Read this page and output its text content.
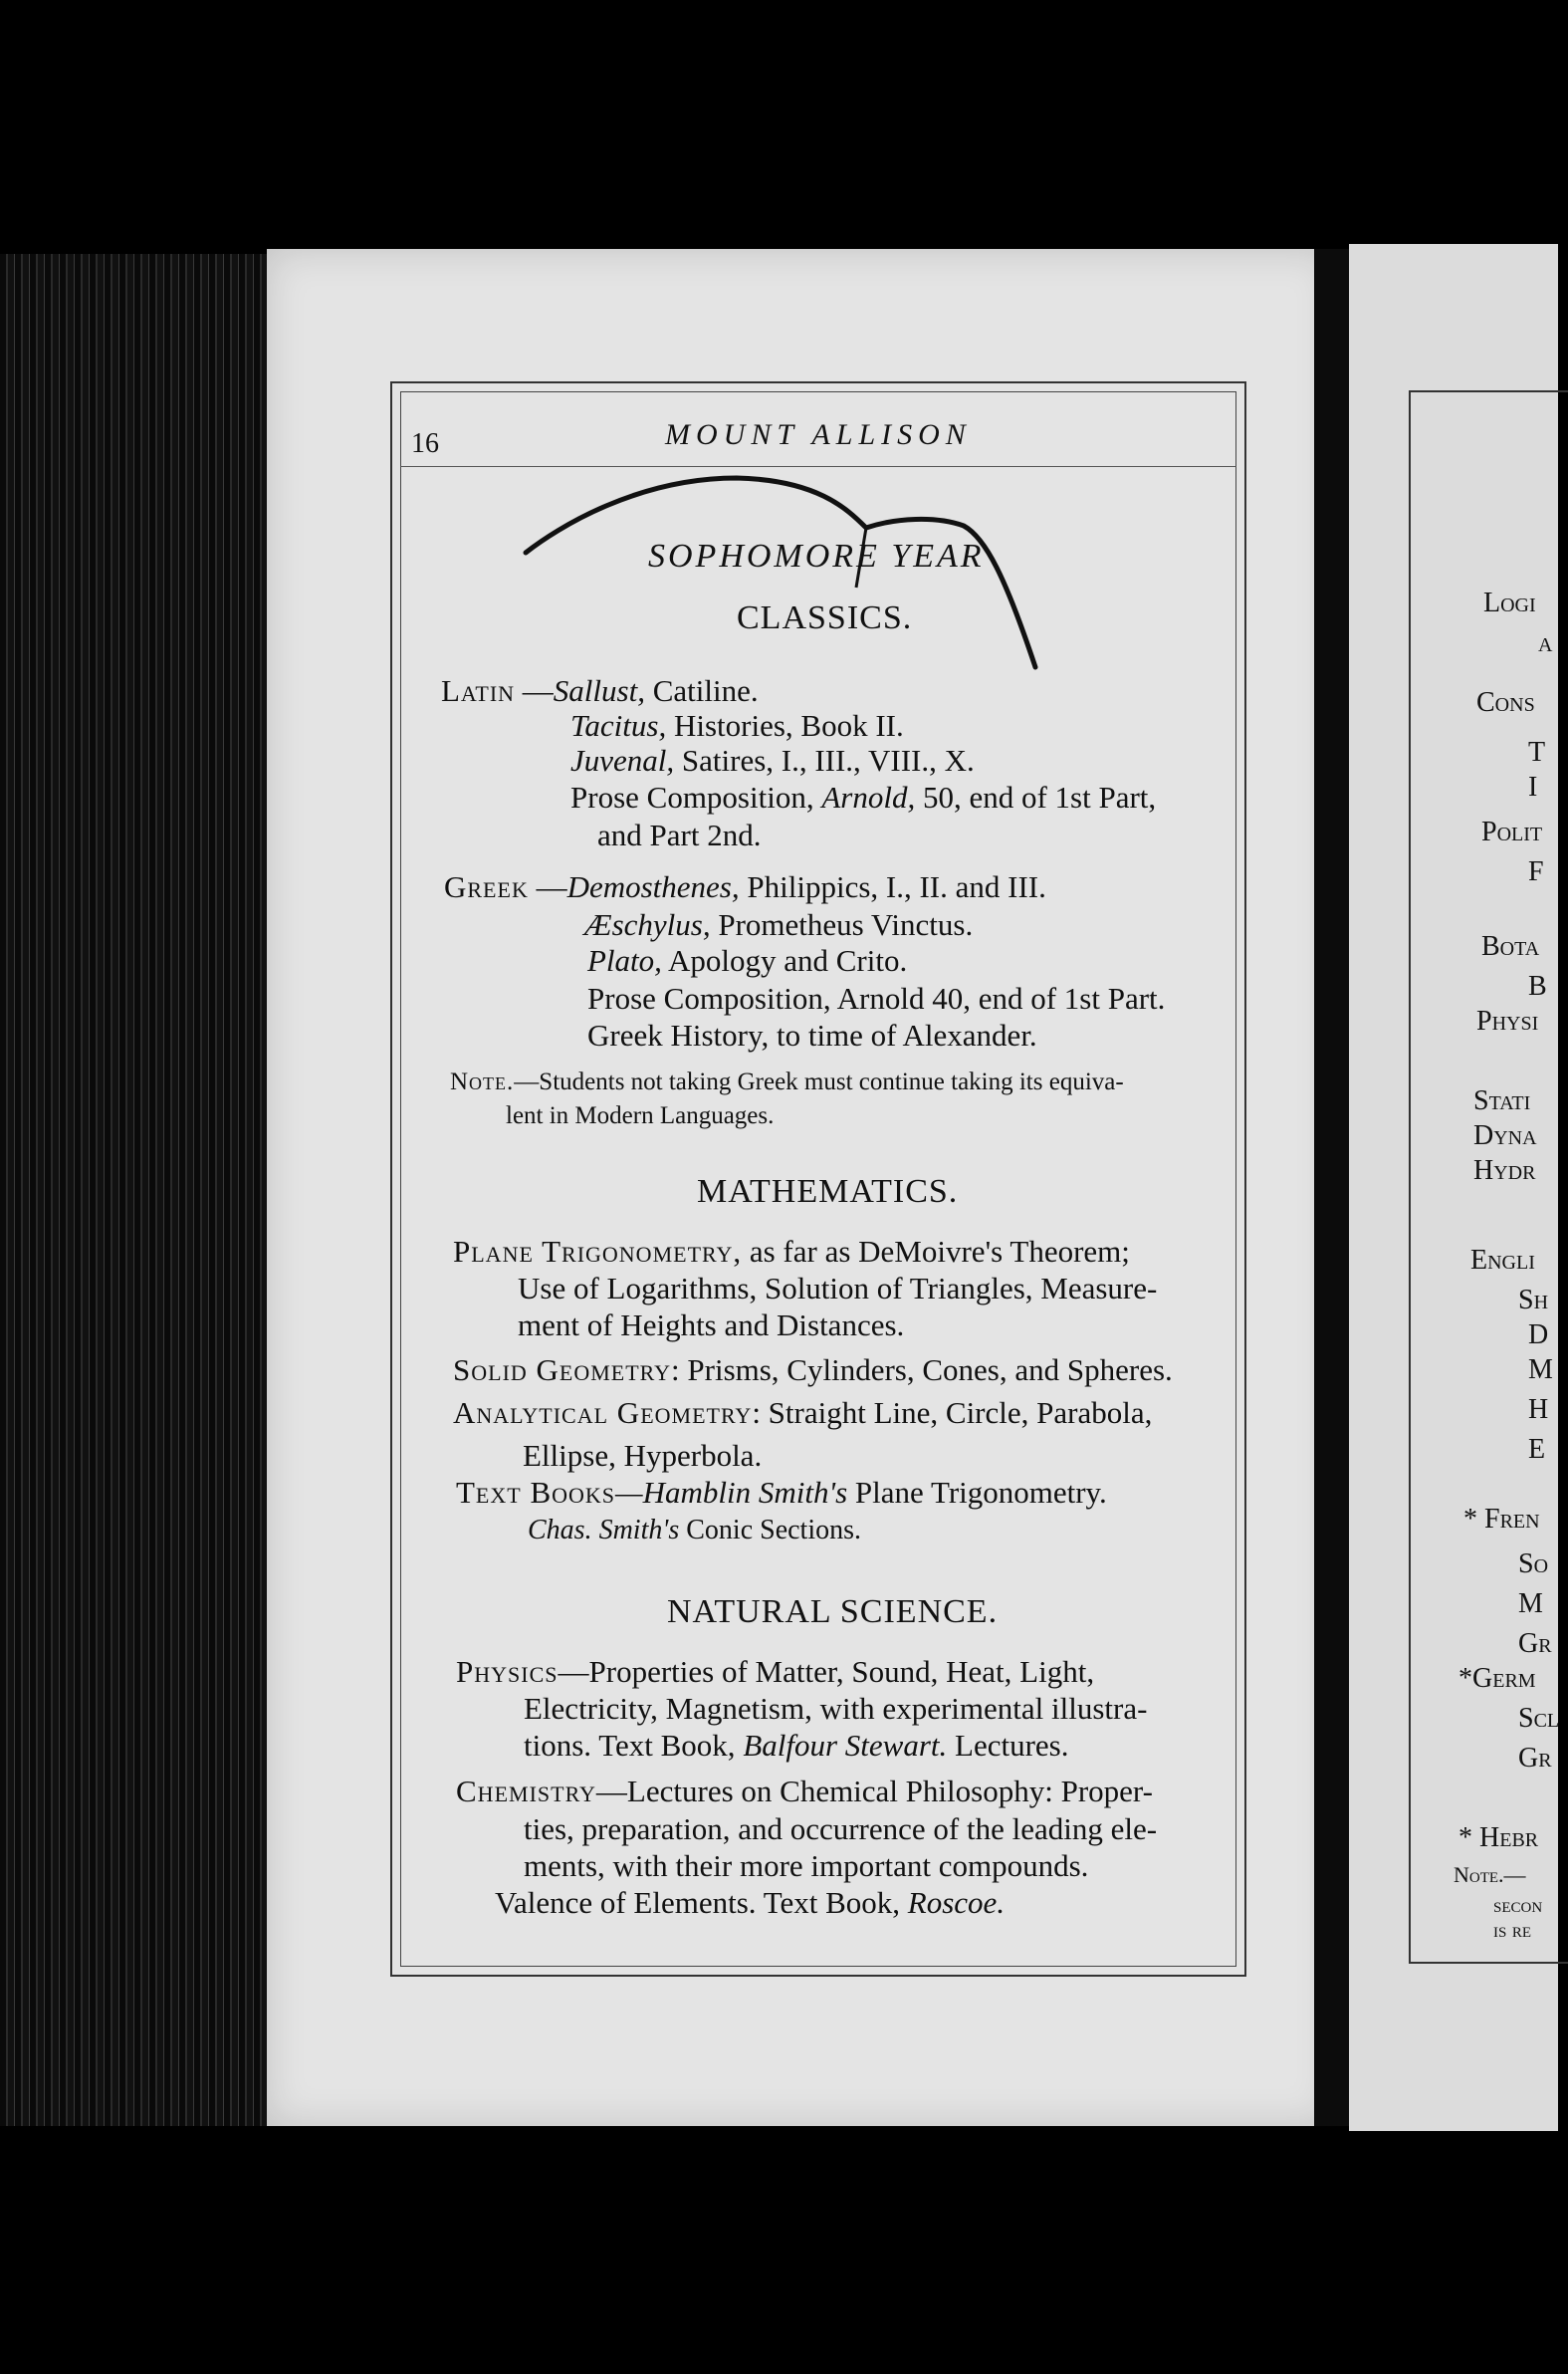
16	MOUNT ALLISON
SOPHOMORE YEAR
CLASSICS.
Latin —Sallust, Catiline.
Tacitus, Histories, Book II.
Juvenal, Satires, I., III., VIII., X.
Prose Composition, Arnold, 50, end of 1st Part,
and Part 2nd.
Greek —Demosthenes, Philippics, I., II. and III.
Æschylus, Prometheus Vinctus.
Plato, Apology and Crito.
Prose Composition, Arnold 40, end of 1st Part.
Greek History, to time of Alexander.
Note.—Students not taking Greek must continue taking its equiva-
lent in Modern Languages.
MATHEMATICS.
Plane Trigonometry, as far as DeMoivre's Theorem;
Use of Logarithms, Solution of Triangles, Measure-
ment of Heights and Distances.
Solid Geometry: Prisms, Cylinders, Cones, and Spheres.
Analytical Geometry: Straight Line, Circle, Parabola,
Ellipse, Hyperbola.
Text Books—Hamblin Smith's Plane Trigonometry.
Chas. Smith's Conic Sections.
NATURAL SCIENCE.
Physics—Properties of Matter, Sound, Heat, Light,
Electricity, Magnetism, with experimental illustra-
tions. Text Book, Balfour Stewart. Lectures.
Chemistry—Lectures on Chemical Philosophy: Proper-
ties, preparation, and occurrence of the leading ele-
ments, with their more important compounds.
Valence of Elements. Text Book, Roscoe.
Logi
a
Cons
T
I
Polit
F
Bota
B
Physi
Stati
Dyna
Hydr
Engli
Sh
D
M
H
E
* Fren
So
M
Gr
*Germ
Scl
Gr
* Hebr
Note.—
secon
is re
